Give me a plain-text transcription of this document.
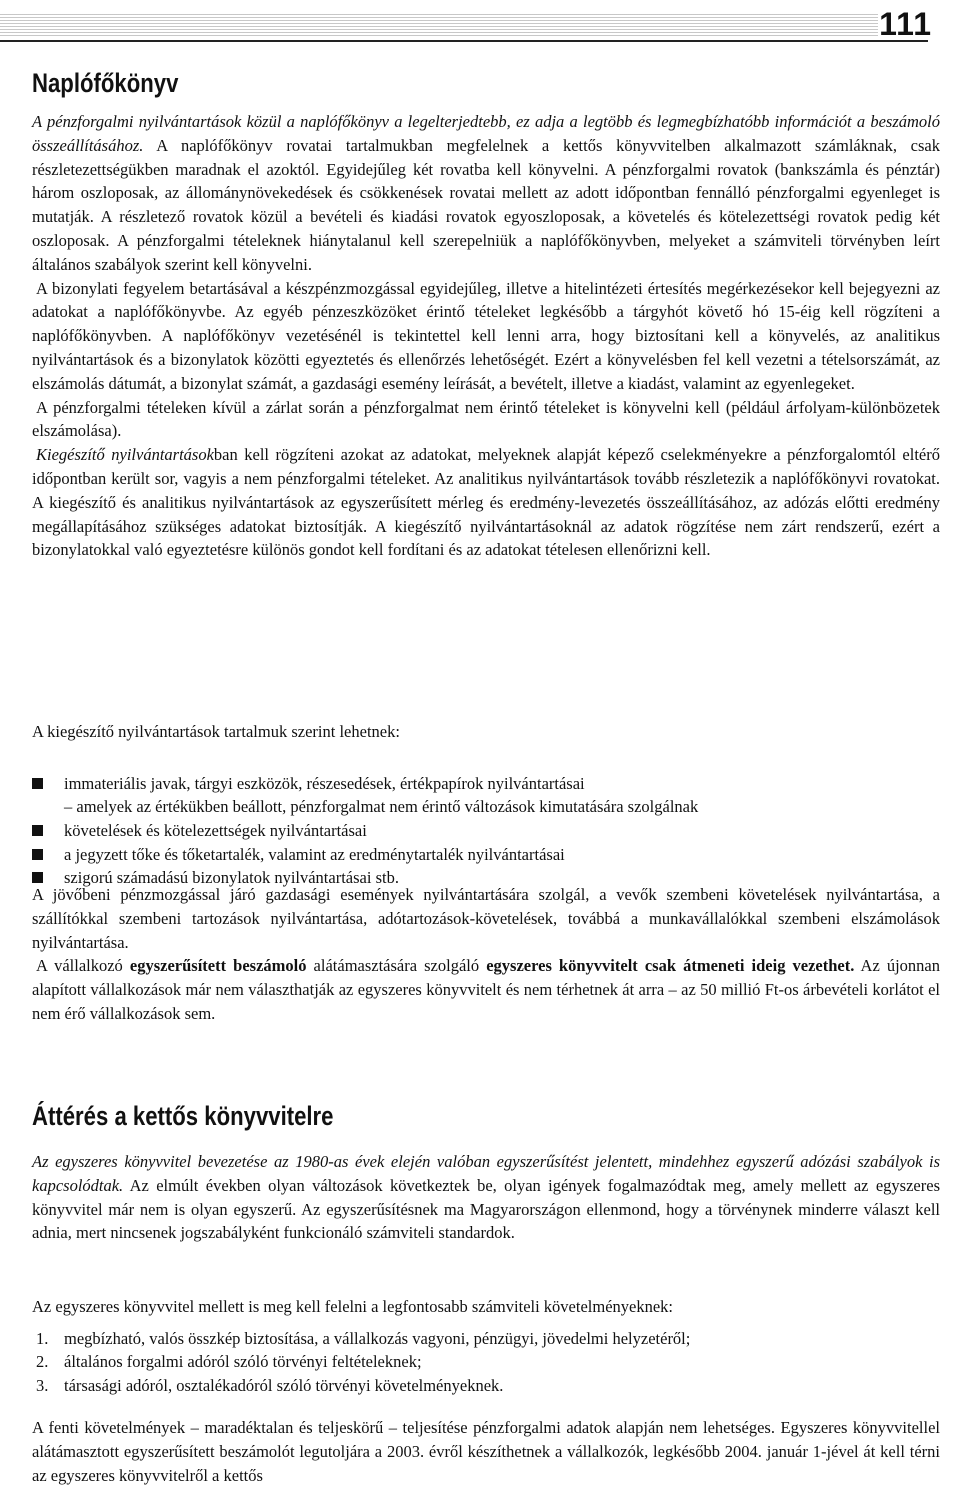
111
Naplófőkönyv

A pénzforgalmi nyilvántartások közül a naplófőkönyv a legelterjedtebb, ez adja a legtöbb és legmegbízhatóbb információt a beszámoló összeállításához. A naplófőkönyv rovatai tartalmukban megfelelnek a kettős könyvvitelben alkalmazott számláknak, csak részletezettségükben maradnak el azoktól. Egyidejűleg két rovatba kell könyvelni. A pénzforgalmi rovatok (bankszámla és pénztár) három oszloposak, az állománynövekedések és csökkenések rovatai mellett az adott időpontban fennálló pénzforgalmi egyenleget is mutatják. A részletező rovatok közül a bevételi és kiadási rovatok egyoszloposak, a követelés és kötelezettségi rovatok pedig két oszloposak. A pénzforgalmi tételeknek hiánytalanul kell szerepelniük a naplófőkönyvben, melyeket a számviteli törvényben leírt általános szabályok szerint kell könyvelni.

A bizonylati fegyelem betartásával a készpénzmozgással egyidejűleg, illetve a hitelintézeti értesítés megérkezésekor kell bejegyezni az adatokat a naplófőkönyvbe. Az egyéb pénzeszközöket érintő tételeket legkésőbb a tárgyhót követő hó 15-éig kell rögzíteni a naplófőkönyvben. A naplófőkönyv vezetésénél is tekintettel kell lenni arra, hogy biztosítani kell a könyvelés, az analitikus nyilvántartások és a bizonylatok közötti egyeztetés és ellenőrzés lehetőségét. Ezért a könyvelésben fel kell vezetni a tételsorszámát, az elszámolás dátumát, a bizonylat számát, a gazdasági esemény leírását, a bevételt, illetve a kiadást, valamint az egyenlegeket.

A pénzforgalmi tételeken kívül a zárlat során a pénzforgalmat nem érintő tételeket is könyvelni kell (például árfolyam-különbözetek elszámolása).

Kiegészítő nyilvántartásokban kell rögzíteni azokat az adatokat, melyeknek alapját képező cselekményekre a pénzforgalomtól eltérő időpontban került sor, vagyis a nem pénzforgalmi tételeket. Az analitikus nyilvántartások tovább részletezik a naplófőkönyvi rovatokat. A kiegészítő és analitikus nyilvántartások az egyszerűsített mérleg és eredmény-levezetés összeállításához, az adózás előtti eredmény megállapításához szükséges adatokat biztosítják. A kiegészítő nyilvántartásoknál az adatok rögzítése nem zárt rendszerű, ezért a bizonylatokkal való egyeztetésre különös gondot kell fordítani és az adatokat tételesen ellenőrizni kell.

A kiegészítő nyilvántartások tartalmuk szerint lehetnek:

immateriális javak, tárgyi eszközök, részesedések, értékpapírok nyilvántartásai
– amelyek az értékükben beállott, pénzforgalmat nem érintő változások kimutatására szolgálnak
követelések és kötelezettségek nyilvántartásai
a jegyzett tőke és tőketartalék, valamint az eredménytartalék nyilvántartásai
szigorú számadású bizonylatok nyilvántartásai stb.

A jövőbeni pénzmozgással járó gazdasági események nyilvántartására szolgál, a vevők szembeni követelések nyilvántartása, a szállítókkal szembeni tartozások nyilvántartása, adótartozások-követelések, továbbá a munkavállalókkal szembeni elszámolások nyilvántartása.

A vállalkozó egyszerűsített beszámoló alátámasztására szolgáló egyszeres könyvvitelt csak átmeneti ideig vezethet. Az újonnan alapított vállalkozások már nem választhatják az egyszeres könyvvitelt és nem térhetnek át arra – az 50 millió Ft-os árbevételi korlátot el nem érő vállalkozások sem.

Áttérés a kettős könyvvitelre

Az egyszeres könyvvitel bevezetése az 1980-as évek elején valóban egyszerűsítést jelentett, mindehhez egyszerű adózási szabályok is kapcsolódtak. Az elmúlt években olyan változások következtek be, olyan igények fogalmazódtak meg, amely mellett az egyszeres könyvvitel már nem is olyan egyszerű. Az egyszerűsítésnek ma Magyarországon ellenmond, hogy a törvénynek minderre választ kell adnia, mert nincsenek jogszabályként funkcionáló számviteli standardok.

Az egyszeres könyvvitel mellett is meg kell felelni a legfontosabb számviteli követelményeknek:

1. megbízható, valós összkép biztosítása, a vállalkozás vagyoni, pénzügyi, jövedelmi helyzetéről;
2. általános forgalmi adóról szóló törvényi feltételeknek;
3. társasági adóról, osztalékadóról szóló törvényi követelményeknek.

A fenti követelmények – maradéktalan és teljeskörű – teljesítése pénzforgalmi adatok alapján nem lehetséges. Egyszeres könyvvitellel alátámasztott egyszerűsített beszámolót legutoljára a 2003. évről készíthetnek a vállalkozók, legkésőbb 2004. január 1-jével át kell térni az egyszeres könyvvitelről a kettős
